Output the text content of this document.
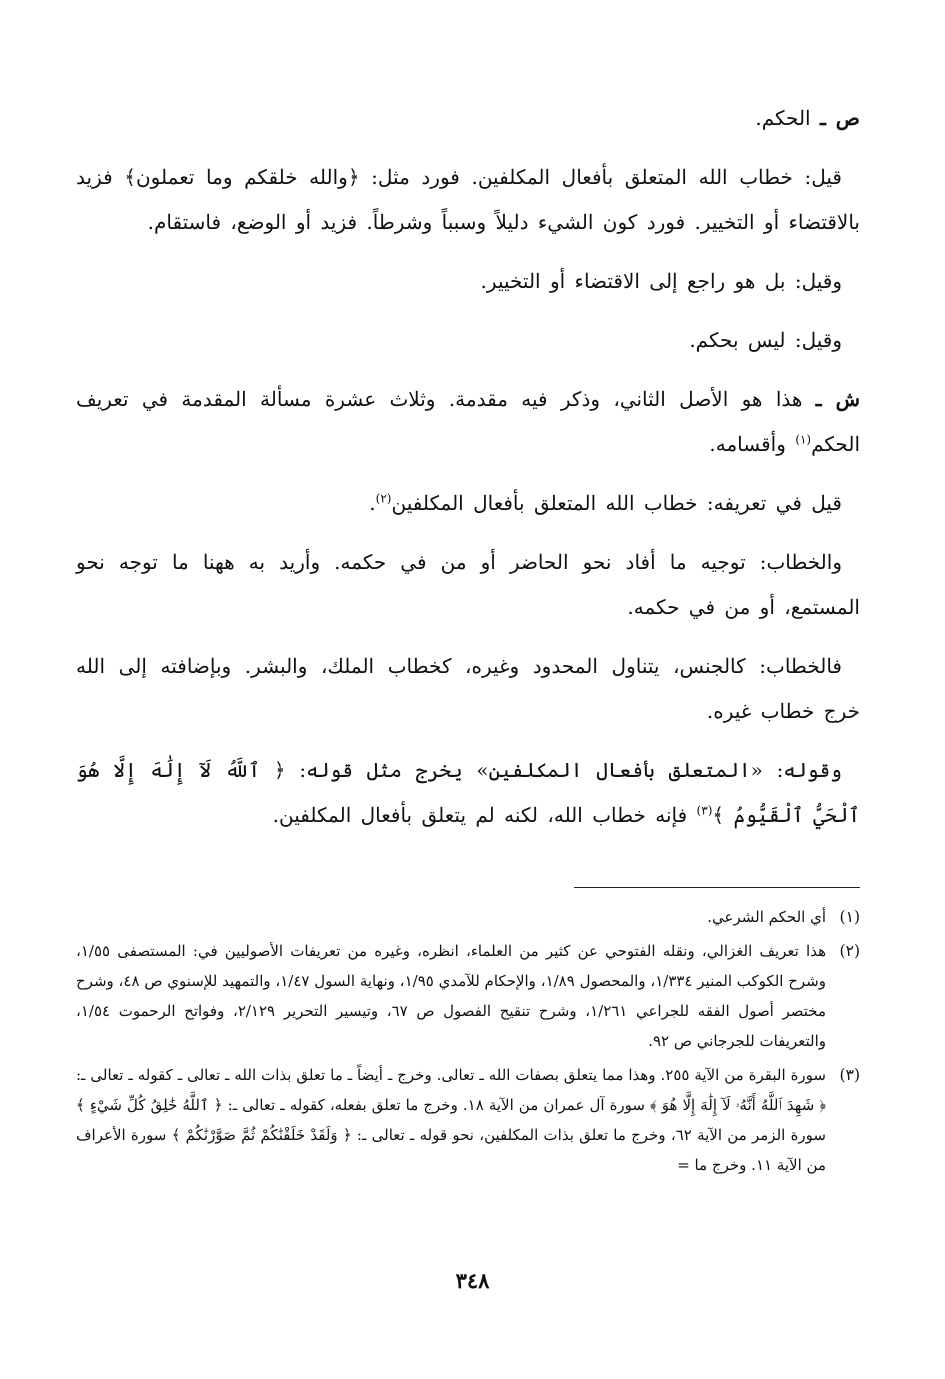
ص ـ الحكم.

قيل: خطاب الله المتعلق بأفعال المكلفين. فورد مثل: ﴿والله خلقكم وما تعملون﴾ فزيد بالاقتضاء أو التخيير. فورد كون الشيء دليلاً وسبباً وشرطاً. فزيد أو الوضع، فاستقام.

وقيل: بل هو راجع إلى الاقتضاء أو التخيير.

وقيل: ليس بحكم.

ش ـ هذا هو الأصل الثاني، وذكر فيه مقدمة. وثلاث عشرة مسألة المقدمة في تعريف الحكم$^{(١)}$ وأقسامه.

قيل في تعريفه: خطاب الله المتعلق بأفعال المكلفين$^{(٢)}$.

والخطاب: توجيه ما أفاد نحو الحاضر أو من في حكمه. وأريد به ههنا ما توجه نحو المستمع، أو من في حكمه.

فالخطاب: كالجنس، يتناول المحدود وغيره، كخطاب الملك، والبشر. وبإضافته إلى الله خرج خطاب غيره.

وقوله: «المتعلق بأفعال المكلفين» يخرج مثل قوله: ﴿ ٱللَّهُ لَآ إِلَٰهَ إِلَّا هُوَ ٱلْحَيُّ ٱلْقَيُّومُ ﴾$^{(٣)}$ فإنه خطاب الله، لكنه لم يتعلق بأفعال المكلفين.

(١)
أي الحكم الشرعي.
(٢)
هذا تعريف الغزالي، ونقله الفتوحي عن كثير من العلماء، انظره، وغيره من تعريفات الأصوليين في: المستصفى ١/٥٥، وشرح الكوكب المنير ١/٣٣٤، والمحصول ١/٨٩، والإحكام للآمدي ١/٩٥، ونهاية السول ١/٤٧، والتمهيد للإسنوي ص ٤٨، وشرح مختصر أصول الفقه للجراعي ١/٢٦١، وشرح تنقيح الفصول ص ٦٧، وتيسير التحرير ٢/١٢٩، وفواتح الرحموت ١/٥٤، والتعريفات للجرجاني ص ٩٢.
(٣)
سورة البقرة من الآية ٢٥٥. وهذا مما يتعلق بصفات الله ـ تعالى. وخرج ـ أيضاً ـ ما تعلق بذات الله ـ تعالى ـ كقوله ـ تعالى ـ: ﴿ شَهِدَ ٱللَّهُ أَنَّهُۥ لَآ إِلَٰهَ إِلَّا هُوَ ﴾ سورة آل عمران من الآية ١٨. وخرج ما تعلق بفعله، كقوله ـ تعالى ـ: ﴿ ٱللَّهُ خَٰلِقُ كُلِّ شَيْءٍ ﴾ سورة الزمر من الآية ٦٢، وخرج ما تعلق بذات المكلفين، نحو قوله ـ تعالى ـ: ﴿ وَلَقَدْ خَلَقْنَٰكُمْ ثُمَّ صَوَّرْنَٰكُمْ ﴾ سورة الأعراف من الآية ١١. وخرج ما =
٣٤٨
